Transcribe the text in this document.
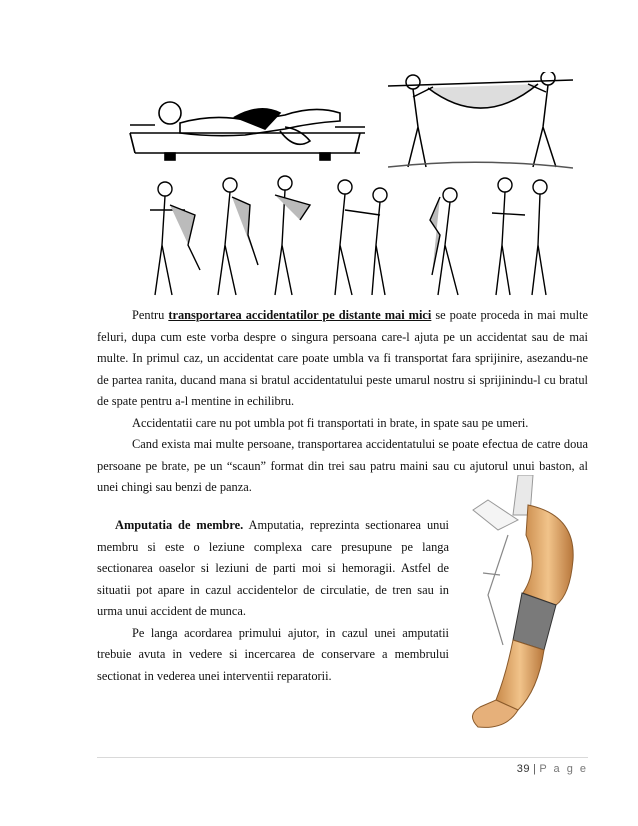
Pentru transportarea accidentatilor pe distante mai mici se poate proceda in mai multe feluri, dupa cum este vorba despre o singura persoana care-l ajuta pe un accidentat sau de mai multe. In primul caz, un accidentat care poate umbla va fi transportat fara sprijinire, asezandu-ne de partea ranita, ducand mana si bratul accidentatului peste umarul nostru si sprijinindu-l cu bratul de spate pentru a-l mentine in echilibru.

Accidentatii care nu pot umbla pot fi transportati in brate, in spate sau pe umeri.

Cand exista mai multe persoane, transportarea accidentatului se poate efectua de catre doua persoane pe brate, pe un “scaun” format din trei sau patru maini sau cu ajutorul unui baston, al unei chingi sau benzi de panza.

Amputatia de membre. Amputatia, reprezinta sectionarea unui membru si este o leziune complexa care presupune pe langa sectionarea oaselor si leziuni de parti moi si hemoragii. Astfel de situatii pot apare in cazul accidentelor de circulatie, de tren sau in urma unui accident de munca.

Pe langa acordarea primului ajutor, in cazul unei amputatii trebuie avuta in vedere si incercarea de conservare a membrului sectionat in vederea unei interventii reparatorii.

39 | P a g e
